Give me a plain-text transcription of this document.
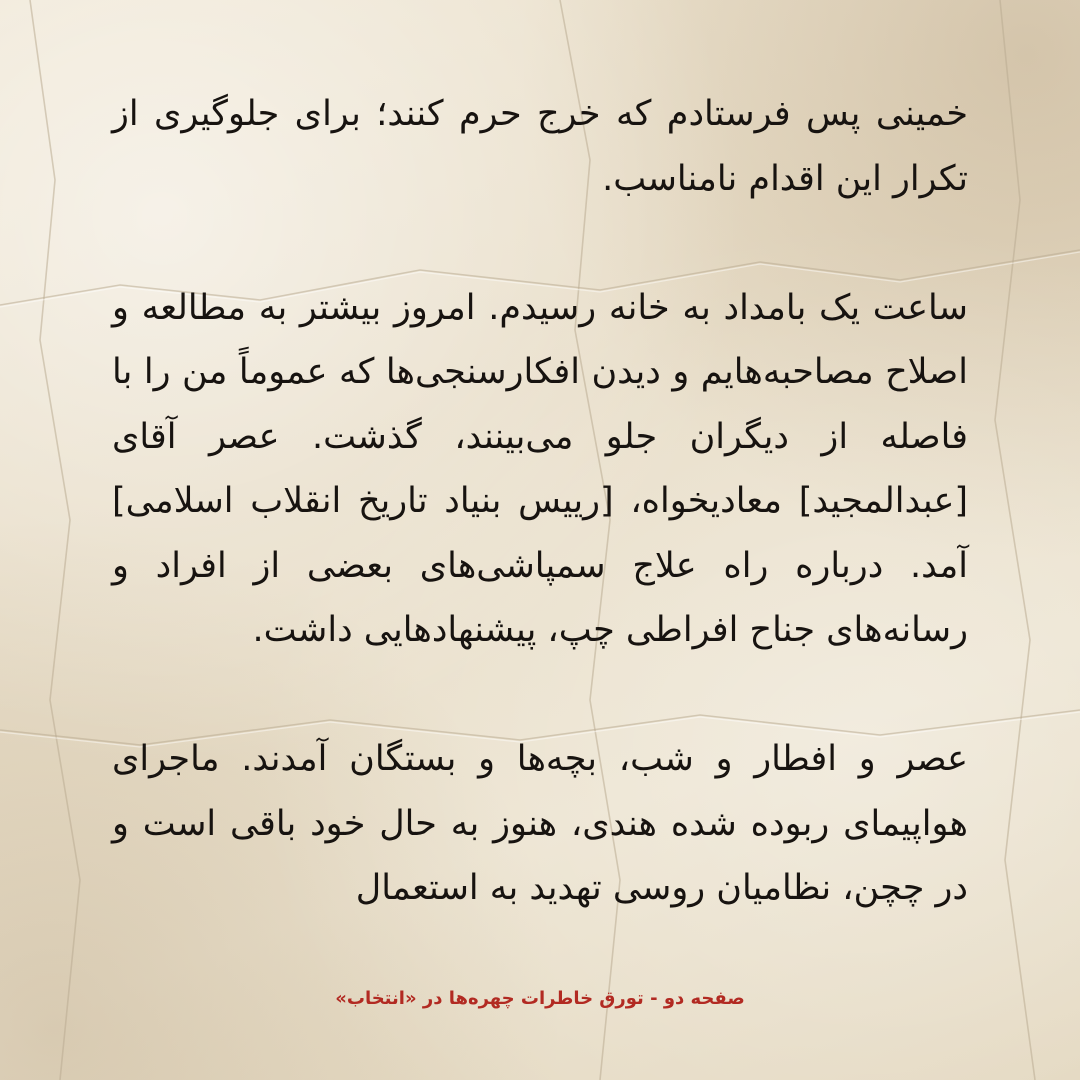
خمینی پس فرستادم که خرج حرم کنند؛ برای جلوگیری از تکرار این اقدام نامناسب.

ساعت یک بامداد به خانه رسیدم. امروز بیشتر به مطالعه و اصلاح مصاحبه‌هایم و دیدن افکارسنجی‌ها که عموماً من را با فاصله از دیگران جلو می‌بینند، گذشت. عصر آقای [عبدالمجید] معادیخواه، [رییس بنیاد تاریخ انقلاب اسلامی] آمد. درباره راه علاج سمپاشی‌های بعضی از افراد و رسانه‌های جناح افراطی چپ، پیشنهادهایی داشت.

عصر و افطار و شب، بچه‌ها و بستگان آمدند. ماجرای هواپیمای ربوده شده هندی، هنوز به حال خود باقی است و در چچن، نظامیان روسی تهدید به استعمال

صفحه دو - تورق خاطرات چهره‌ها در «انتخاب»
